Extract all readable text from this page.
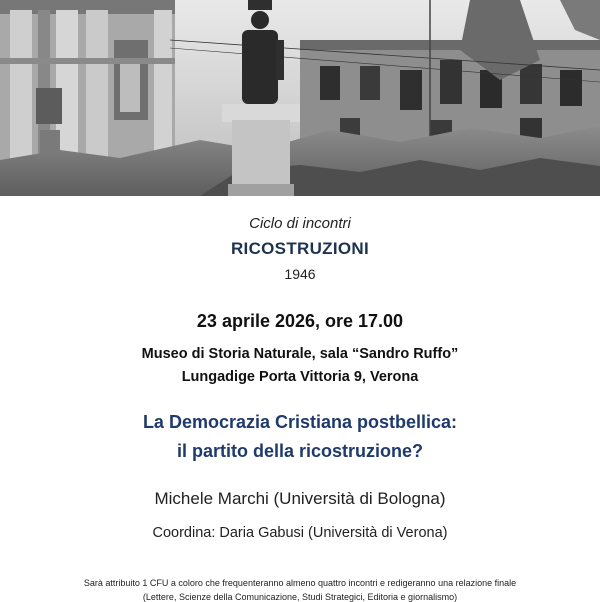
Ciclo di incontri
RICOSTRUZIONI
1946
23 aprile 2026, ore 17.00
Museo di Storia Naturale, sala “Sandro Ruffo”
Lungadige Porta Vittoria 9, Verona
La Democrazia Cristiana postbellica:
il partito della ricostruzione?
Michele Marchi (Università di Bologna)
Coordina: Daria Gabusi (Università di Verona)
Sarà attribuito 1 CFU a coloro che frequenteranno almeno quattro incontri e redigeranno una relazione finale
(Lettere, Scienze della Comunicazione, Studi Strategici, Editoria e giornalismo)
